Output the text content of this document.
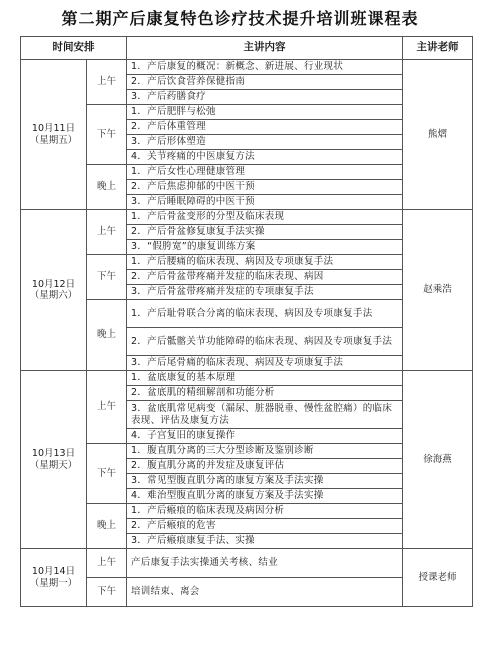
第二期产后康复特色诊疗技术提升培训班课程表
时间安排		主讲内容	主讲老师

10月11日
（星期五）	上午	1．产后康复的概况：新概念、新进展、行业现状	熊熠
		2．产后饮食营养保健指南	
		3．产后药膳食疗	
	下午	1．产后肥胖与松弛	
		2．产后体重管理	
		3．产后形体塑造	
		4．关节疼痛的中医康复方法	
	晚上	1．产后女性心理健康管理	
		2．产后焦虑抑郁的中医干预	
		3．产后睡眠障碍的中医干预	

10月12日
（星期六）	上午	1．产后骨盆变形的分型及临床表现	赵乘浩
		2．产后骨盆修复康复手法实操	
		3．“假胯宽”的康复训练方案	
	下午	1．产后腰痛的临床表现、病因及专项康复手法	
		2．产后骨盆带疼痛并发症的临床表现、病因	
		3．产后骨盆带疼痛并发症的专项康复手法	
	晚上	1．产后耻骨联合分离的临床表现、病因及专项康复手法	
		2．产后骶髂关节功能障碍的临床表现、病因及专项康复手法	
		3．产后尾骨痛的临床表现、病因及专项康复手法	

10月13日
（星期天）	上午	1．盆底康复的基本原理	徐海燕
		2．盆底肌的精细解剖和功能分析	
		3．盆底肌常见病变（漏尿、脏器脱垂、慢性盆腔痛）的临床表现、评估及康复方法	
		4．子宫复旧的康复操作	
	下午	1．腹直肌分离的三大分型诊断及鉴别诊断	
		2．腹直肌分离的并发症及康复评估	
		3．常见型腹直肌分离的康复方案及手法实操	
		4．难治型腹直肌分离的康复方案及手法实操	
	晚上	1．产后瘢痕的临床表现及病因分析	
		2．产后瘢痕的危害	
		3．产后瘢痕康复手法、实操	

10月14日
（星期一）	上午	产后康复手法实操通关考核、结业	授课老师
	下午	培训结束、离会	
